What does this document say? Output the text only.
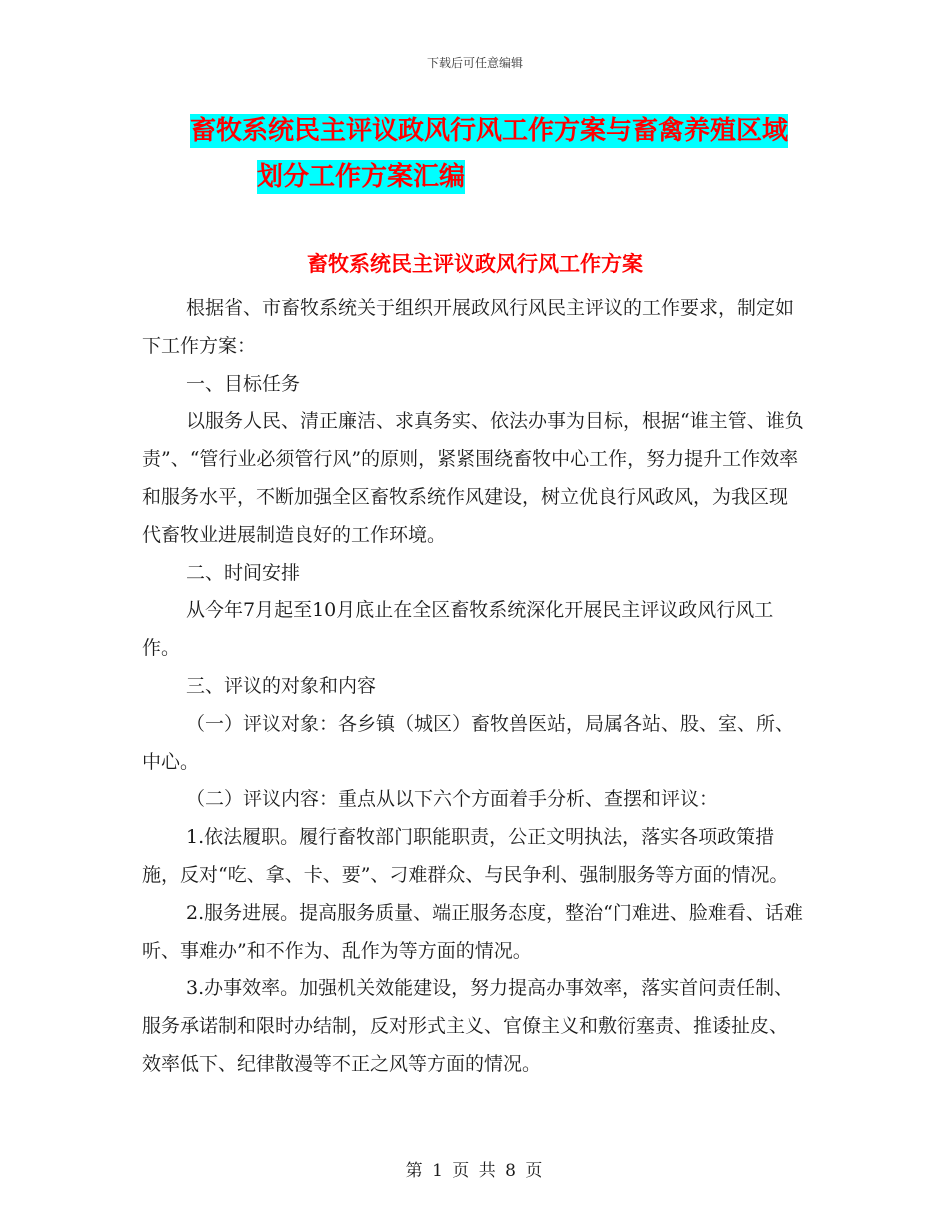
下载后可任意编辑
畜牧系统民主评议政风行风工作方案与畜禽养殖区域
划分工作方案汇编
畜牧系统民主评议政风行风工作方案

根据省、市畜牧系统关于组织开展政风行风民主评议的工作要求，制定如下工作方案：

一、目标任务

以服务人民、清正廉洁、求真务实、依法办事为目标，根据“谁主管、谁负责”、“管行业必须管行风”的原则，紧紧围绕畜牧中心工作，努力提升工作效率和服务水平，不断加强全区畜牧系统作风建设，树立优良行风政风，为我区现代畜牧业进展制造良好的工作环境。

二、时间安排

从今年7月起至10月底止在全区畜牧系统深化开展民主评议政风行风工作。

三、评议的对象和内容

（一）评议对象：各乡镇（城区）畜牧兽医站，局属各站、股、室、所、中心。

（二）评议内容：重点从以下六个方面着手分析、查摆和评议：

1.依法履职。履行畜牧部门职能职责，公正文明执法，落实各项政策措施，反对“吃、拿、卡、要”、刁难群众、与民争利、强制服务等方面的情况。

2.服务进展。提高服务质量、端正服务态度，整治“门难进、脸难看、话难听、事难办”和不作为、乱作为等方面的情况。

3.办事效率。加强机关效能建设，努力提高办事效率，落实首问责任制、服务承诺制和限时办结制，反对形式主义、官僚主义和敷衍塞责、推诿扯皮、效率低下、纪律散漫等不正之风等方面的情况。

第 1 页 共 8 页
